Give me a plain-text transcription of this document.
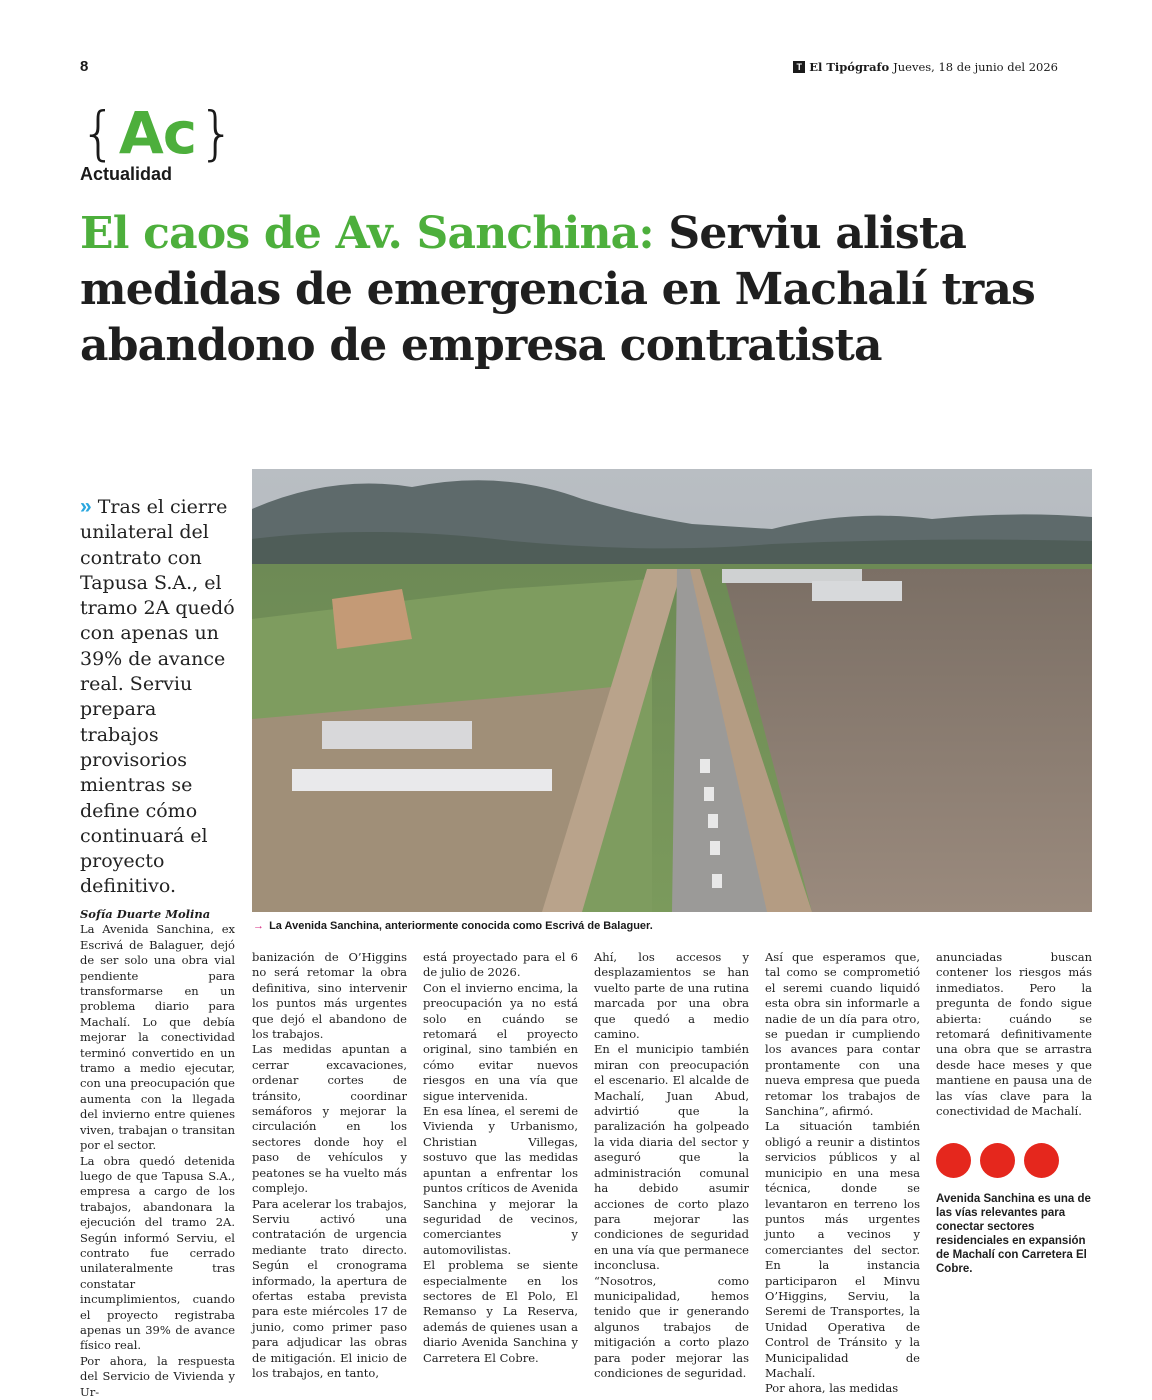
8	T El Tipógrafo Jueves, 18 de junio del 2026
{ Ac }
Actualidad
El caos de Av. Sanchina: Serviu alista medidas de emergencia en Machalí tras abandono de empresa contratista
» Tras el cierre unilateral del contrato con Tapusa S.A., el tramo 2A quedó con apenas un 39% de avance real. Serviu prepara trabajos provisorios mientras se define cómo continuará el proyecto definitivo.
→ La Avenida Sanchina, anteriormente conocida como Escrivá de Balaguer.

Sofía Duarte Molina

La Avenida Sanchina, ex Escrivá de Balaguer, dejó de ser solo una obra vial pendiente para transformarse en un problema diario para Machalí. Lo que debía mejorar la conectividad terminó convertido en un tramo a medio ejecutar, con una preocupación que aumenta con la llegada del invierno entre quienes viven, trabajan o transitan por el sector.

La obra quedó detenida luego de que Tapusa S.A., empresa a cargo de los trabajos, abandonara la ejecución del tramo 2A. Según informó Serviu, el contrato fue cerrado unilateralmente tras constatar incumplimientos, cuando el proyecto registraba apenas un 39% de avance físico real.

Por ahora, la respuesta del Servicio de Vivienda y Ur-

banización de O’Higgins no será retomar la obra definitiva, sino intervenir los puntos más urgentes que dejó el abandono de los trabajos.

Las medidas apuntan a cerrar excavaciones, ordenar cortes de tránsito, coordinar semáforos y mejorar la circulación en los sectores donde hoy el paso de vehículos y peatones se ha vuelto más complejo.

Para acelerar los trabajos, Serviu activó una contratación de urgencia mediante trato directo. Según el cronograma informado, la apertura de ofertas estaba prevista para este miércoles 17 de junio, como primer paso para adjudicar las obras de mitigación. El inicio de los trabajos, en tanto,

está proyectado para el 6 de julio de 2026.

Con el invierno encima, la preocupación ya no está solo en cuándo se retomará el proyecto original, sino también en cómo evitar nuevos riesgos en una vía que sigue intervenida.

En esa línea, el seremi de Vivienda y Urbanismo, Christian Villegas, sostuvo que las medidas apuntan a enfrentar los puntos críticos de Avenida Sanchina y mejorar la seguridad de vecinos, comerciantes y automovilistas.

El problema se siente especialmente en los sectores de El Polo, El Remanso y La Reserva, además de quienes usan a diario Avenida Sanchina y Carretera El Cobre.

Ahí, los accesos y desplazamientos se han vuelto parte de una rutina marcada por una obra que quedó a medio camino.

En el municipio también miran con preocupación el escenario. El alcalde de Machalí, Juan Abud, advirtió que la paralización ha golpeado la vida diaria del sector y aseguró que la administración comunal ha debido asumir acciones de corto plazo para mejorar las condiciones de seguridad en una vía que permanece inconclusa.

“Nosotros, como municipalidad, hemos tenido que ir generando algunos trabajos de mitigación a corto plazo para poder mejorar las condiciones de seguridad.

Así que esperamos que, tal como se comprometió el seremi cuando liquidó esta obra sin informarle a nadie de un día para otro, se puedan ir cumpliendo los avances para contar prontamente con una nueva empresa que pueda retomar los trabajos de Sanchina”, afirmó.

La situación también obligó a reunir a distintos servicios públicos y al municipio en una mesa técnica, donde se levantaron en terreno los puntos más urgentes junto a vecinos y comerciantes del sector. En la instancia participaron el Minvu O’Higgins, Serviu, la Seremi de Transportes, la Unidad Operativa de Control de Tránsito y la Municipalidad de Machalí.

Por ahora, las medidas

anunciadas buscan contener los riesgos más inmediatos. Pero la pregunta de fondo sigue abierta: cuándo se retomará definitivamente una obra que se arrastra desde hace meses y que mantiene en pausa una de las vías clave para la conectividad de Machalí.

Avenida Sanchina es una de las vías relevantes para conectar sectores residenciales en expansión de Machalí con Carretera El Cobre.
